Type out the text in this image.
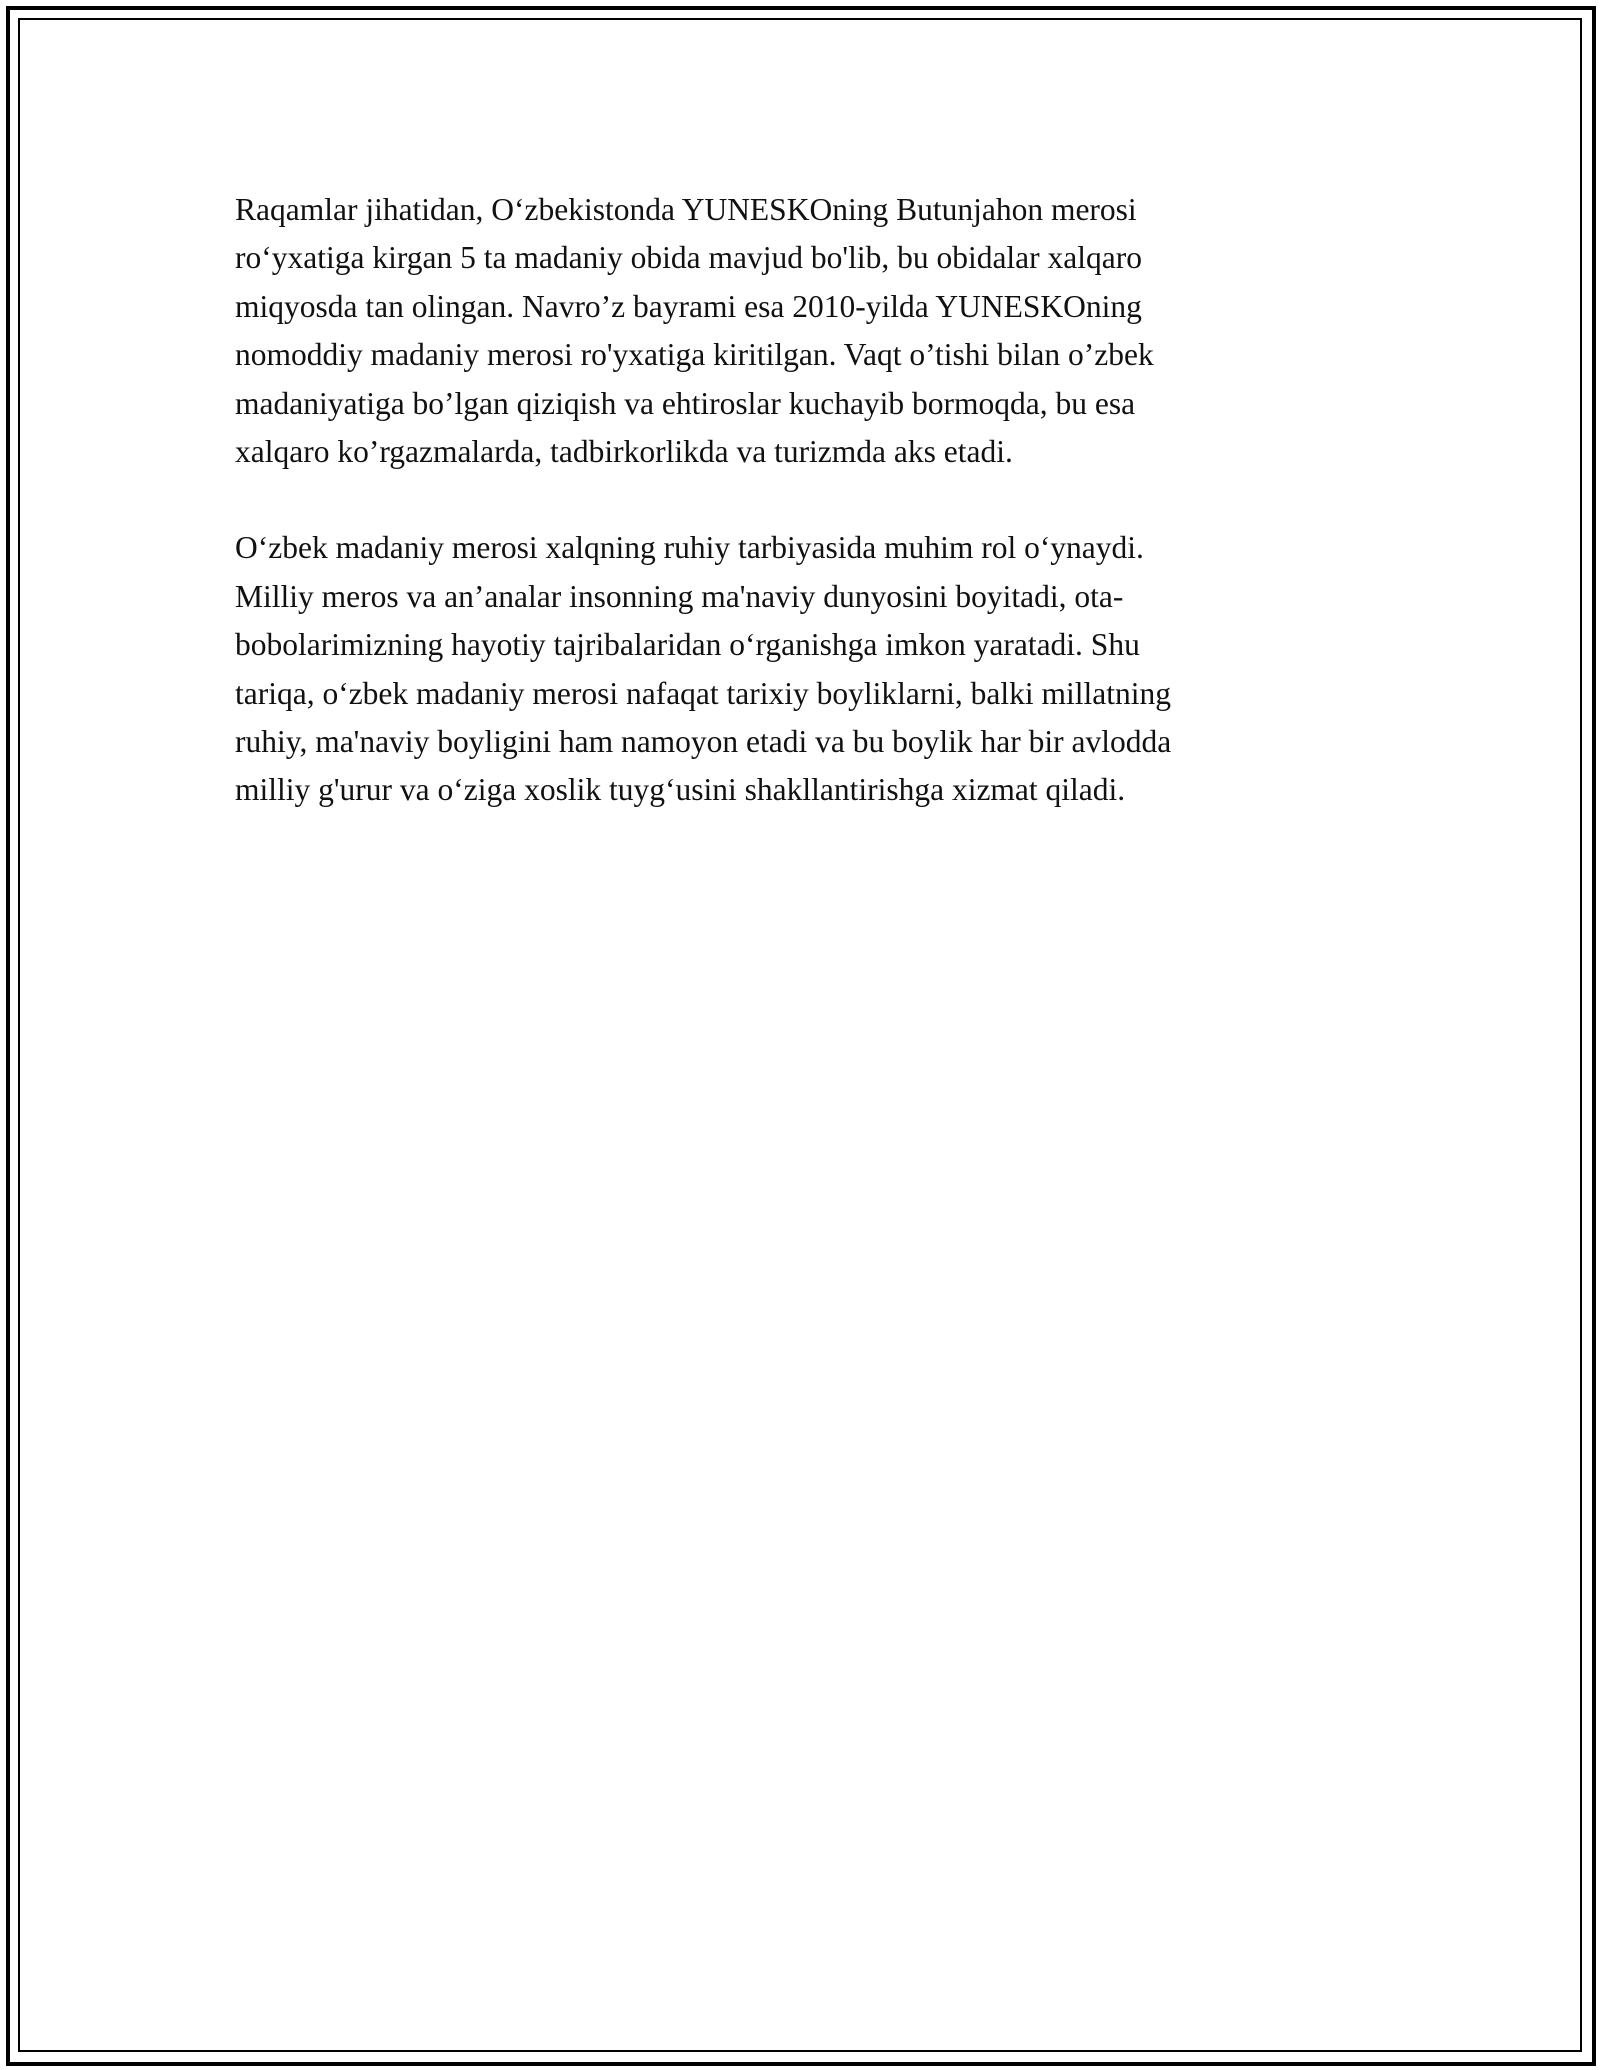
Raqamlar jihatidan, O‘zbekistonda YUNESKOning Butunjahon merosi
ro‘yxatiga kirgan 5 ta madaniy obida mavjud bo'lib, bu obidalar xalqaro
miqyosda tan olingan. Navro’z bayrami esa 2010-yilda YUNESKOning
nomoddiy madaniy merosi ro'yxatiga kiritilgan. Vaqt o’tishi bilan o’zbek
madaniyatiga bo’lgan qiziqish va ehtiroslar kuchayib bormoqda, bu esa
xalqaro ko’rgazmalarda, tadbirkorlikda va turizmda aks etadi.

O‘zbek madaniy merosi xalqning ruhiy tarbiyasida muhim rol o‘ynaydi.
Milliy meros va an’analar insonning ma'naviy dunyosini boyitadi, ota-
bobolarimizning hayotiy tajribalaridan o‘rganishga imkon yaratadi. Shu
tariqa, o‘zbek madaniy merosi nafaqat tarixiy boyliklarni, balki millatning
ruhiy, ma'naviy boyligini ham namoyon etadi va bu boylik har bir avlodda
milliy g'urur va o‘ziga xoslik tuyg‘usini shakllantirishga xizmat qiladi.
